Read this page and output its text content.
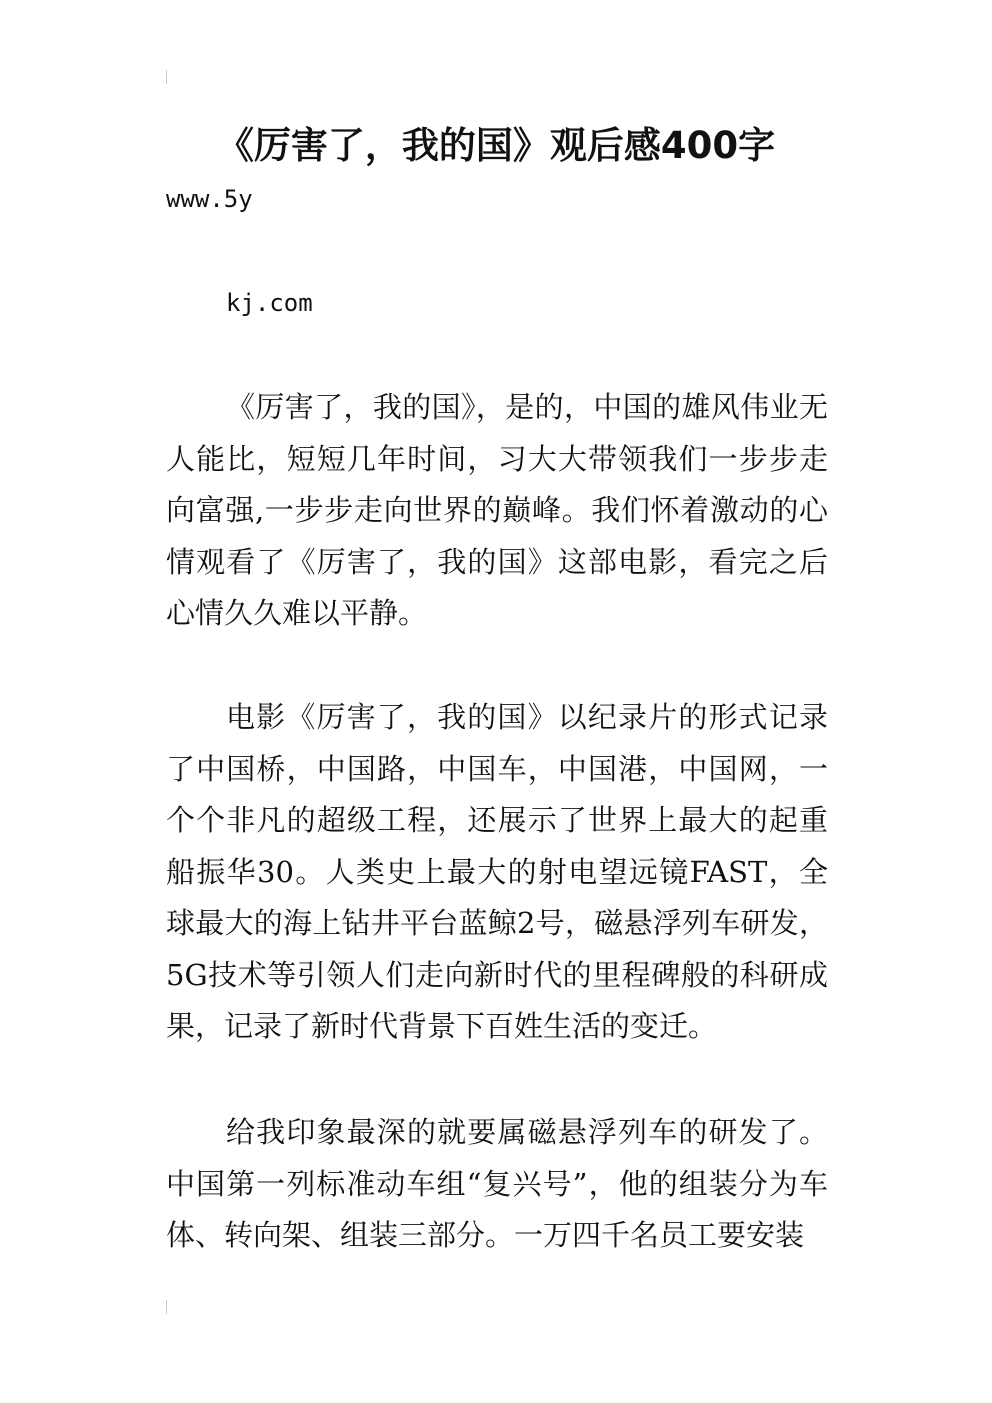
《厉害了，我的国》观后感400字
www.5y
kj.com

《厉害了，我的国》，是的，中国的雄风伟业无人能比，短短几年时间，习大大带领我们一步步走向富强,一步步走向世界的巅峰。我们怀着激动的心情观看了《厉害了，我的国》这部电影，看完之后心情久久难以平静。

电影《厉害了，我的国》以纪录片的形式记录了中国桥，中国路，中国车，中国港，中国网，一个个非凡的超级工程，还展示了世界上最大的起重船振华30。人类史上最大的射电望远镜FAST，全球最大的海上钻井平台蓝鲸2号，磁悬浮列车研发，5G技术等引领人们走向新时代的里程碑般的科研成果，记录了新时代背景下百姓生活的变迁。

给我印象最深的就要属磁悬浮列车的研发了。中国第一列标准动车组“复兴号”，他的组装分为车体、转向架、组装三部分。一万四千名员工要安装
